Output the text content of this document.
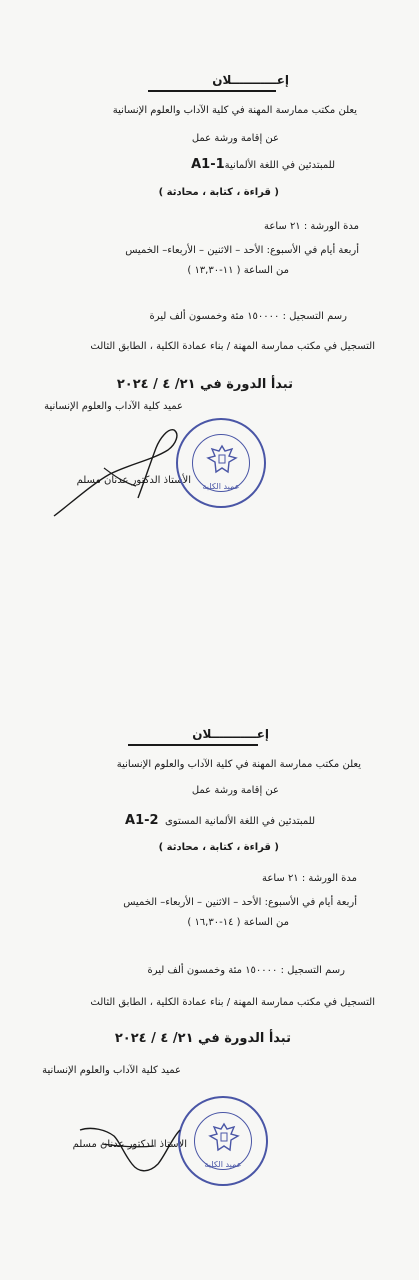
إعـــــــــــلان
يعلن مكتب ممارسة المهنة في كلية الآداب والعلوم الإنسانية
عن إقامة ورشة عمل
للمبتدئين في اللغة الألمانيةA1-1
( قراءة ، كتابة ، محادثة )
مدة الورشة : ٢١ ساعة
أربعة أيام في الأسبوع: الأحد – الاثنين – الأربعاء– الخميس
من الساعة ( ١١-١٣,٣٠ )
رسم التسجيل : ١٥٠٠٠٠ مئة وخمسون ألف ليرة
التسجيل في مكتب ممارسة المهنة / بناء عمادة الكلية ، الطابق الثالث
تبدأ الدورة في ٢١/ ٤ / ٢٠٢٤
عميد كلية الآداب والعلوم الإنسانية
الأستاذ الدكتور عدنان مسلم
عميد الكلية
إعـــــــــــلان
يعلن مكتب ممارسة المهنة في كلية الآداب والعلوم الإنسانية
عن إقامة ورشة عمل
للمبتدئين في اللغة الألمانية المستوى  A1-2
( قراءة ، كتابة ، محادثة )
مدة الورشة : ٢١ ساعة
أربعة أيام في الأسبوع: الأحد – الاثنين – الأربعاء– الخميس
من الساعة ( ١٤-١٦,٣٠ )
رسم التسجيل : ١٥٠٠٠٠ مئة وخمسون ألف ليرة
التسجيل في مكتب ممارسة المهنة / بناء عمادة الكلية ، الطابق الثالث
تبدأ الدورة في ٢١/ ٤ / ٢٠٢٤
عميد كلية الآداب والعلوم الإنسانية
الأستاذ الدكتور عدنان مسلم
عميد الكلية
